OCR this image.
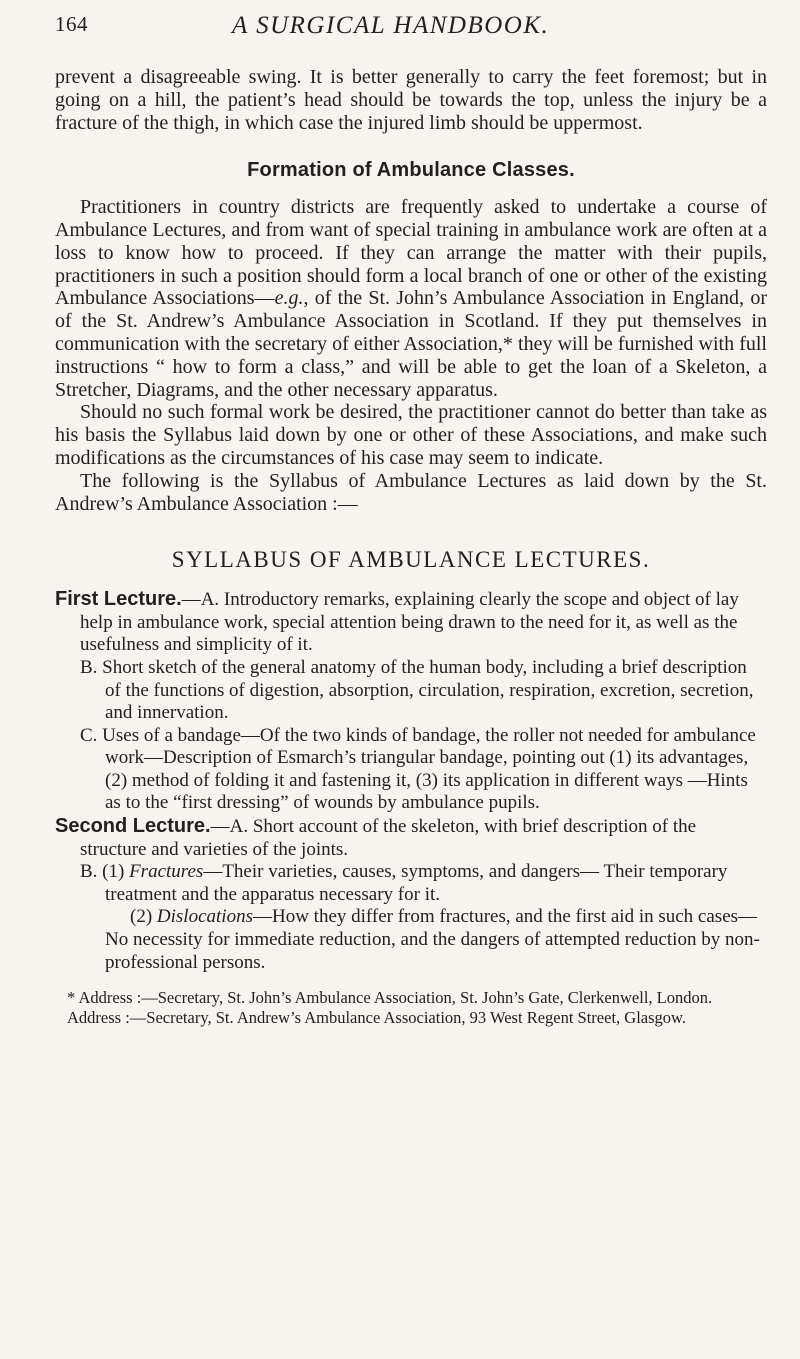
164	A SURGICAL HANDBOOK.

prevent a disagreeable swing. It is better generally to carry the feet foremost; but in going on a hill, the patient’s head should be towards the top, unless the injury be a fracture of the thigh, in which case the injured limb should be uppermost.

Formation of Ambulance Classes.

Practitioners in country districts are frequently asked to undertake a course of Ambulance Lectures, and from want of special training in ambulance work are often at a loss to know how to proceed. If they can arrange the matter with their pupils, practitioners in such a position should form a local branch of one or other of the existing Ambulance Associations—e.g., of the St. John’s Ambulance Association in England, or of the St. Andrew’s Ambulance Association in Scotland. If they put themselves in communication with the secretary of either Association,* they will be furnished with full instructions “ how to form a class,” and will be able to get the loan of a Skeleton, a Stretcher, Diagrams, and the other necessary apparatus.

Should no such formal work be desired, the practitioner cannot do better than take as his basis the Syllabus laid down by one or other of these Associations, and make such modifications as the circumstances of his case may seem to indicate.

The following is the Syllabus of Ambulance Lectures as laid down by the St. Andrew’s Ambulance Association :—

SYLLABUS OF AMBULANCE LECTURES.

First Lecture.—A. Introductory remarks, explaining clearly the scope and object of lay help in ambulance work, special attention being drawn to the need for it, as well as the usefulness and simplicity of it.

B. Short sketch of the general anatomy of the human body, including a brief description of the functions of digestion, absorption, circulation, respiration, excretion, secretion, and innervation.

C. Uses of a bandage—Of the two kinds of bandage, the roller not needed for ambulance work—Description of Esmarch’s triangular bandage, pointing out (1) its advantages, (2) method of folding it and fastening it, (3) its application in different ways —Hints as to the “first dressing” of wounds by ambulance pupils.

Second Lecture.—A. Short account of the skeleton, with brief description of the structure and varieties of the joints.

B. (1) Fractures—Their varieties, causes, symptoms, and dangers— Their temporary treatment and the apparatus necessary for it.

(2) Dislocations—How they differ from fractures, and the first aid in such cases—No necessity for immediate reduction, and the dangers of attempted reduction by non-professional persons.

* Address :—Secretary, St. John’s Ambulance Association, St. John’s Gate, Clerkenwell, London.

Address :—Secretary, St. Andrew’s Ambulance Association, 93 West Regent Street, Glasgow.
